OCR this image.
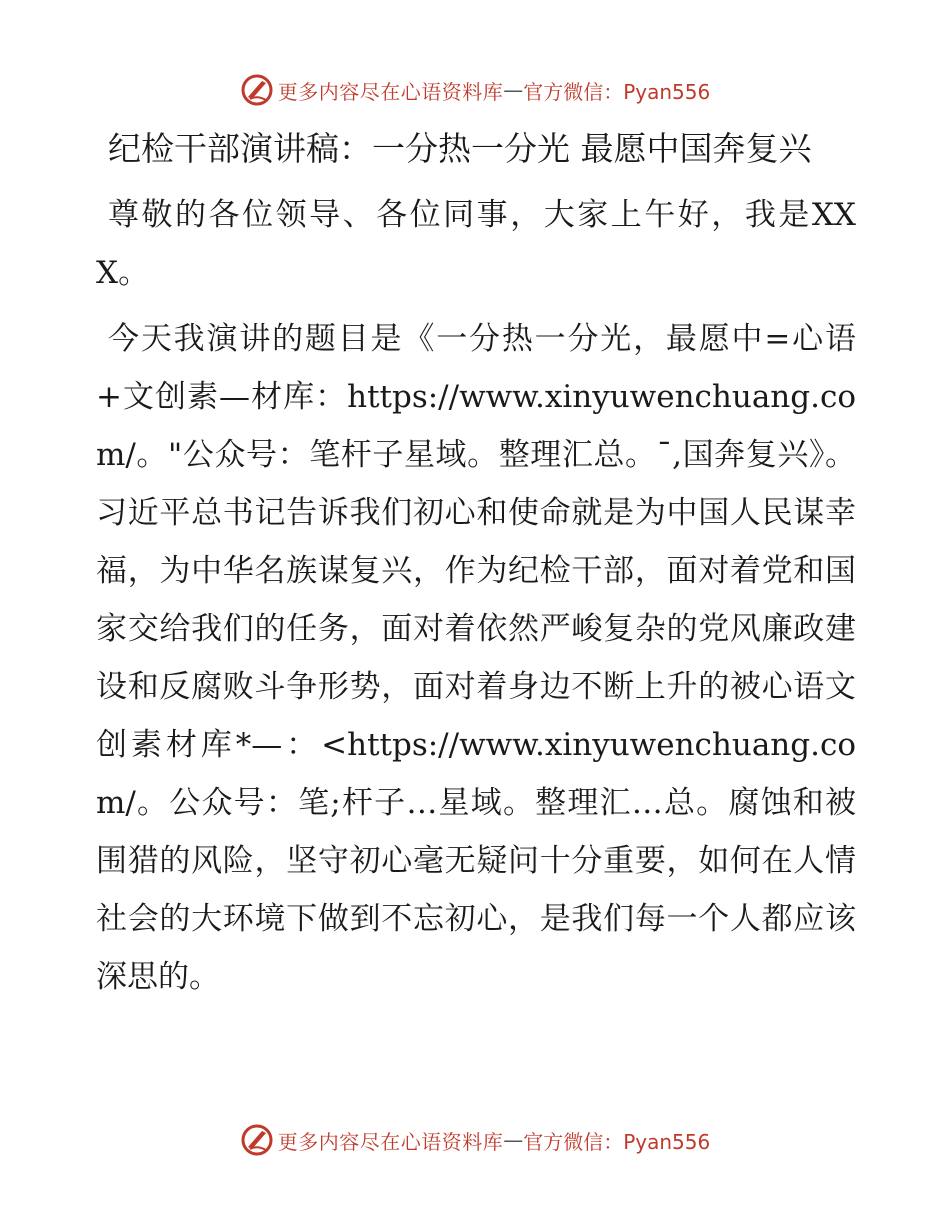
更多内容尽在心语资料库 — 官方微信：Pyan556
纪检干部演讲稿：一分热一分光 最愿中国奔复兴

尊敬的各位领导、各位同事，大家上午好，我是XXX。

今天我演讲的题目是《一分热一分光，最愿中=心语+文创素—材库：https://www.xinyuwenchuang.com/。"公众号：笔杆子星域。整理汇总。¯,国奔复兴》。习近平总书记告诉我们初心和使命就是为中国人民谋幸福，为中华名族谋复兴，作为纪检干部，面对着党和国家交给我们的任务，面对着依然严峻复杂的党风廉政建设和反腐败斗争形势，面对着身边不断上升的被心语文创素材库*—：<https://www.xinyuwenchuang.com/。公众号：笔;杆子…星域。整理汇…总。腐蚀和被围猎的风险，坚守初心毫无疑问十分重要，如何在人情社会的大环境下做到不忘初心，是我们每一个人都应该深思的。

更多内容尽在心语资料库 — 官方微信：Pyan556
